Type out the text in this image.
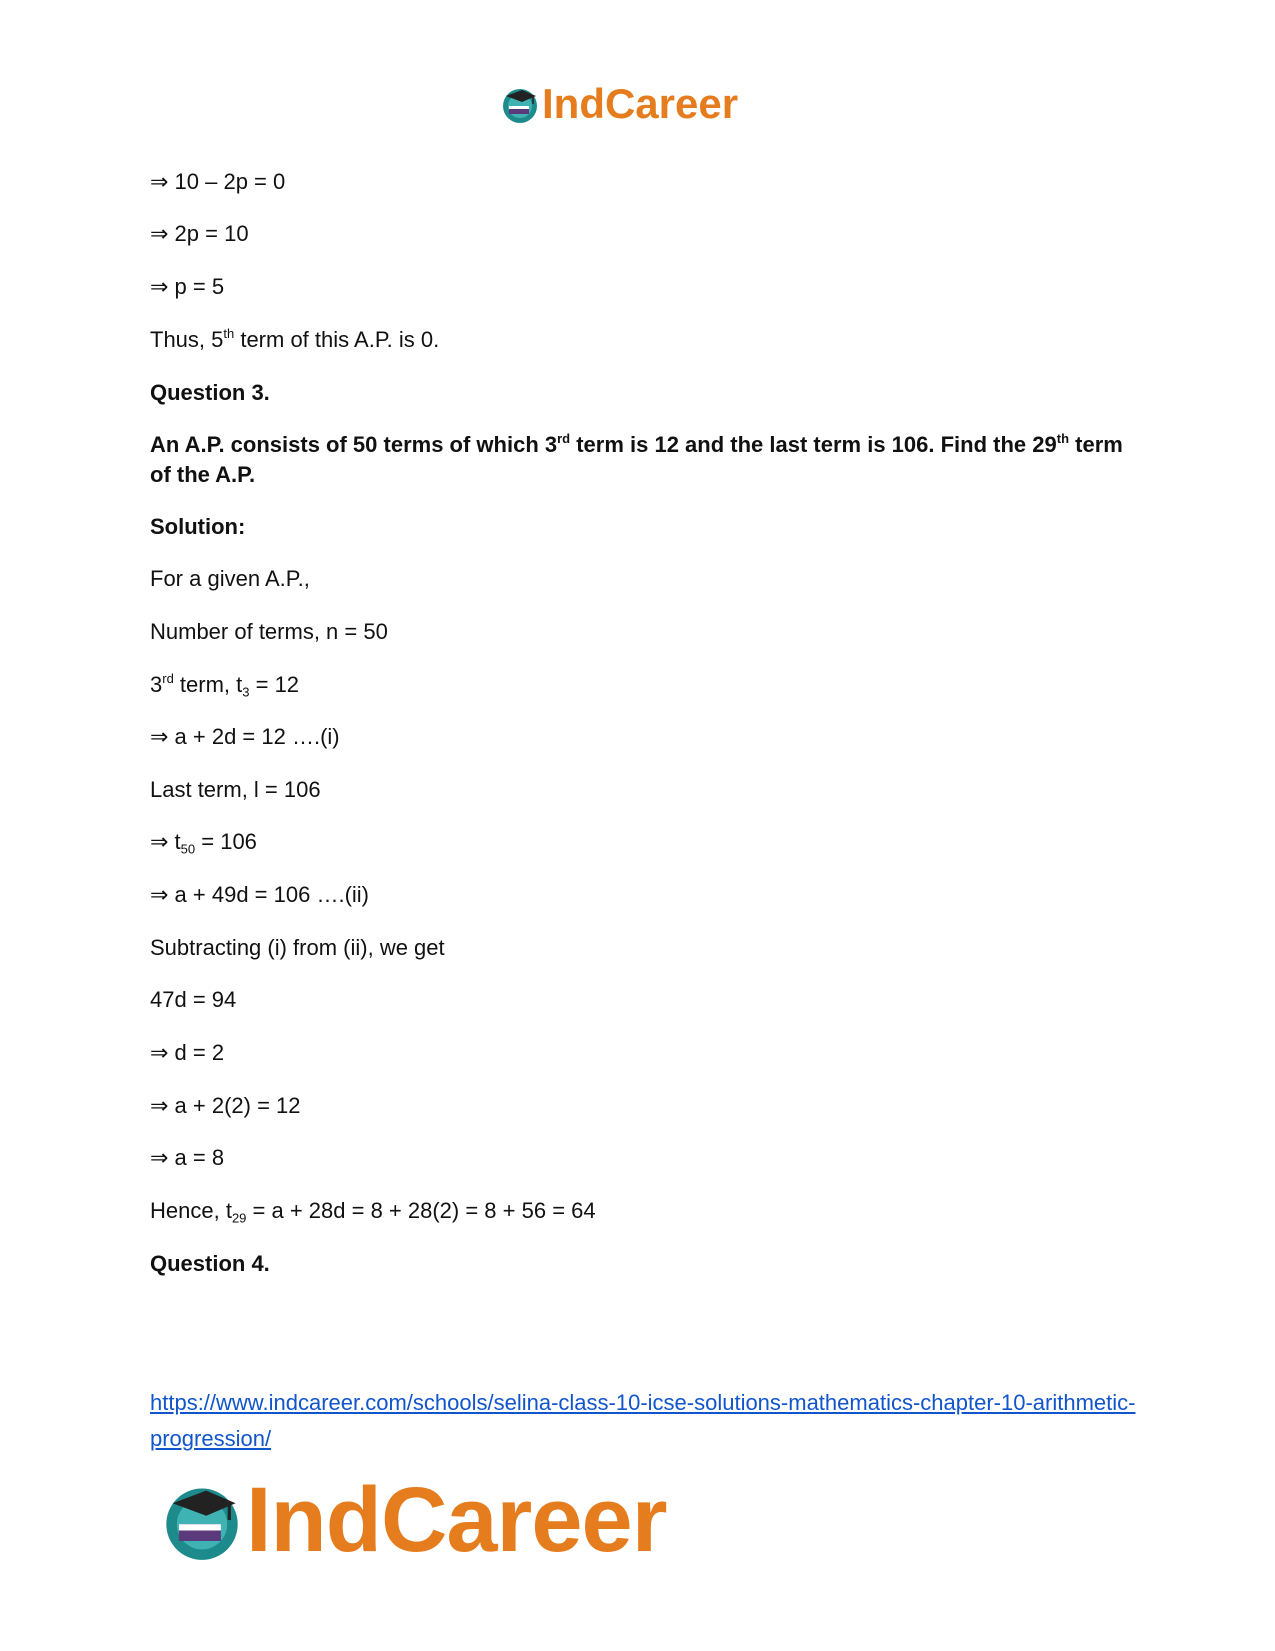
IndCareer
⇒ 10 – 2p = 0
⇒ 2p = 10
⇒ p = 5
Thus, 5th term of this A.P. is 0.
Question 3.
An A.P. consists of 50 terms of which 3rd term is 12 and the last term is 106. Find the 29th term of the A.P.
Solution:
For a given A.P.,
Number of terms, n = 50
3rd term, $t_3 = 12$
⇒ a + 2d = 12 ….(i)
Last term, l = 106
⇒ $t_{50} = 106$
⇒ a + 49d = 106 ….(ii)
Subtracting (i) from (ii), we get
47d = 94
⇒ d = 2
⇒ a + 2(2) = 12
⇒ a = 8
Hence, $t_{29} = a + 28d = 8 + 28(2) = 8 + 56 = 64$
Question 4.
https://www.indcareer.com/schools/selina-class-10-icse-solutions-mathematics-chapter-10-arithmetic-progression/
IndCareer
